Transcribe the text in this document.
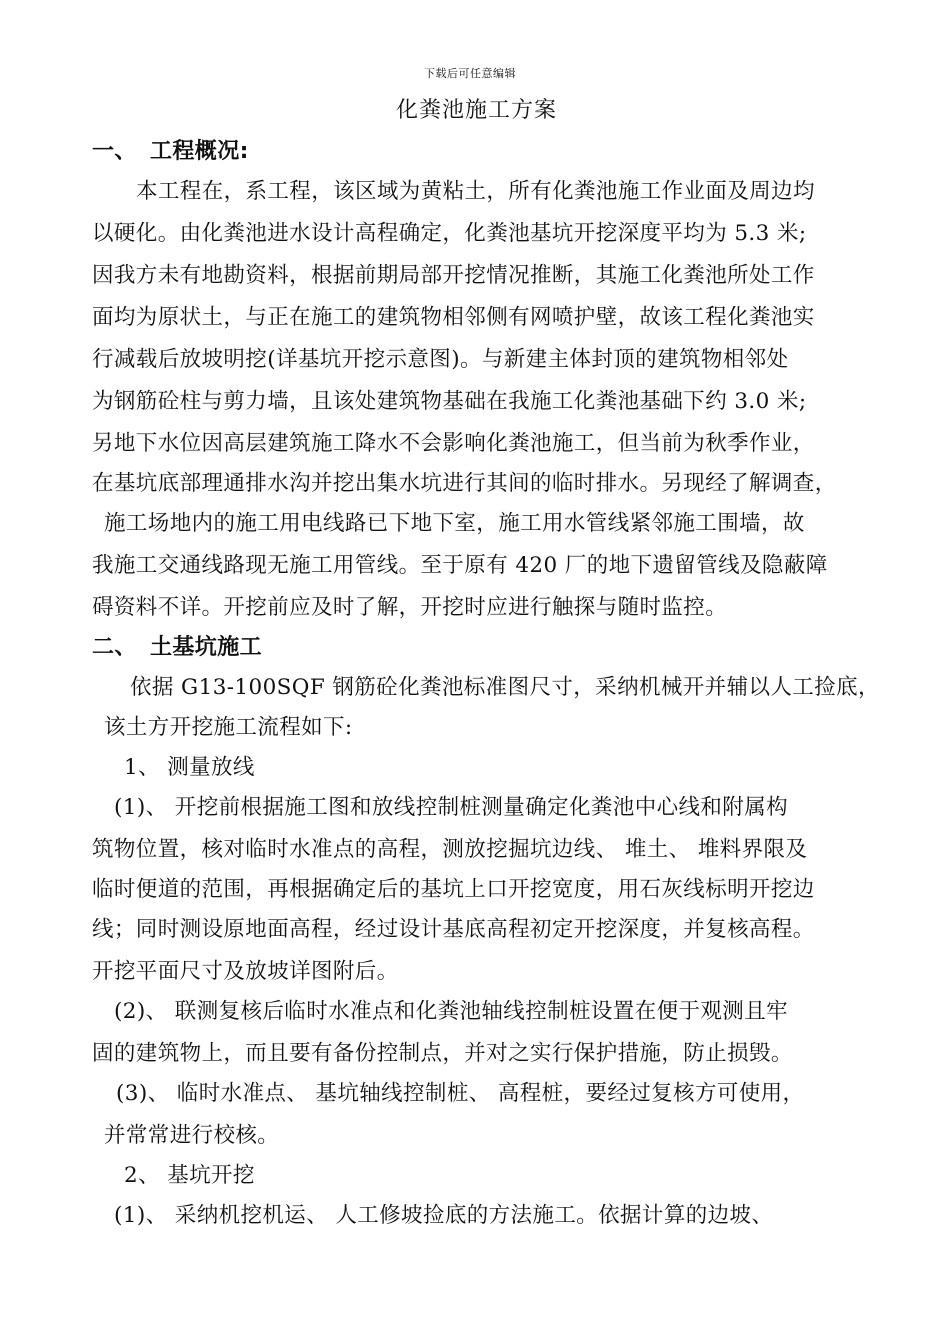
下载后可任意编辑
化粪池施工方案
一、 工程概况:
本工程在，系工程，该区域为黄粘土，所有化粪池施工作业面及周边均
以硬化。由化粪池进水设计高程确定，化粪池基坑开挖深度平均为 5.3 米;
因我方未有地勘资料，根据前期局部开挖情况推断，其施工化粪池所处工作
面均为原状土，与正在施工的建筑物相邻侧有网喷护壁，故该工程化粪池实
行减载后放坡明挖(详基坑开挖示意图)。与新建主体封顶的建筑物相邻处
为钢筋砼柱与剪力墙，且该处建筑物基础在我施工化粪池基础下约 3.0 米;
另地下水位因高层建筑施工降水不会影响化粪池施工，但当前为秋季作业，
在基坑底部理通排水沟并挖出集水坑进行其间的临时排水。另现经了解调查，
施工场地内的施工用电线路已下地下室，施工用水管线紧邻施工围墙，故
我施工交通线路现无施工用管线。至于原有 420 厂的地下遗留管线及隐蔽障
碍资料不详。开挖前应及时了解，开挖时应进行触探与随时监控。
二、 土基坑施工
依据 G13-100SQF 钢筋砼化粪池标准图尺寸，采纳机械开并辅以人工捡底，
该土方开挖施工流程如下:
1、 测量放线
(1)、 开挖前根据施工图和放线控制桩测量确定化粪池中心线和附属构
筑物位置，核对临时水准点的高程，测放挖掘坑边线、 堆土、 堆料界限及
临时便道的范围，再根据确定后的基坑上口开挖宽度，用石灰线标明开挖边
线；同时测设原地面高程，经过设计基底高程初定开挖深度，并复核高程。
开挖平面尺寸及放坡详图附后。
(2)、 联测复核后临时水准点和化粪池轴线控制桩设置在便于观测且牢
固的建筑物上，而且要有备份控制点，并对之实行保护措施，防止损毁。
(3)、 临时水准点、 基坑轴线控制桩、 高程桩，要经过复核方可使用，
并常常进行校核。
2、 基坑开挖
(1)、 采纳机挖机运、 人工修坡捡底的方法施工。依据计算的边坡、
